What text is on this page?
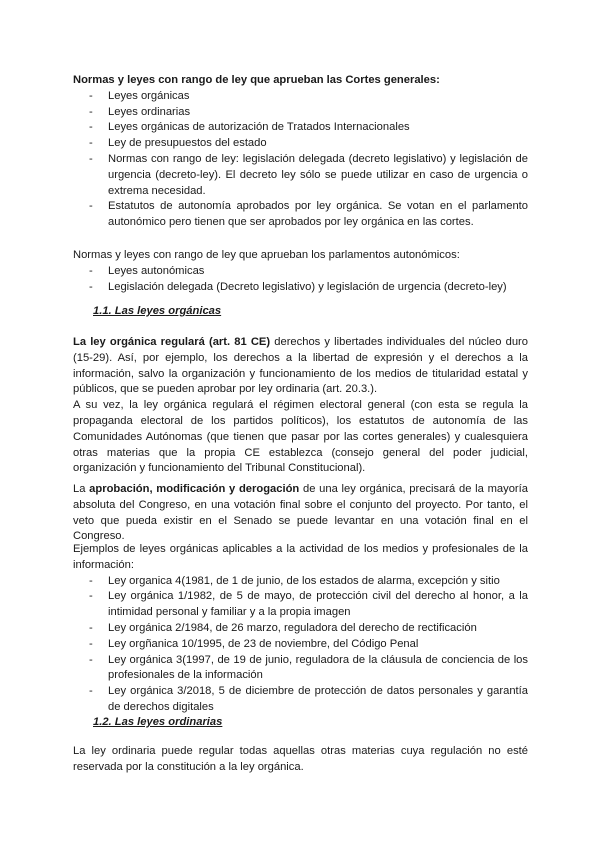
Normas y leyes con rango de ley que aprueban las Cortes generales:

- Leyes orgánicas
- Leyes ordinarias
- Leyes orgánicas de autorización de Tratados Internacionales
- Ley de presupuestos del estado
- Normas con rango de ley: legislación delegada (decreto legislativo) y legislación de urgencia (decreto-ley). El decreto ley sólo se puede utilizar en caso de urgencia o extrema necesidad.
- Estatutos de autonomía aprobados por ley orgánica. Se votan en el parlamento autonómico pero tienen que ser aprobados por ley orgánica en las cortes.

Normas y leyes con rango de ley que aprueban los parlamentos autonómicos:

- Leyes autonómicas
- Legislación delegada (Decreto legislativo) y legislación de urgencia (decreto-ley)
1.1. Las leyes orgánicas

La ley orgánica regulará (art. 81 CE) derechos y libertades individuales del núcleo duro (15-29). Así, por ejemplo, los derechos a la libertad de expresión y el derechos a la información, salvo la organización y funcionamiento de los medios de titularidad estatal y públicos, que se pueden aprobar por ley ordinaria (art. 20.3.).

A su vez, la ley orgánica regulará el régimen electoral general (con esta se regula la propaganda electoral de los partidos políticos), los estatutos de autonomía de las Comunidades Autónomas (que tienen que pasar por las cortes generales) y cualesquiera otras materias que la propia CE establezca (consejo general del poder judicial, organización y funcionamiento del Tribunal Constitucional).

La aprobación, modificación y derogación de una ley orgánica, precisará de la mayoría absoluta del Congreso, en una votación final sobre el conjunto del proyecto. Por tanto, el veto que pueda existir en el Senado se puede levantar en una votación final en el Congreso.

Ejemplos de leyes orgánicas aplicables a la actividad de los medios y profesionales de la información:

- Ley organica 4(1981, de 1 de junio, de los estados de alarma, excepción y sitio
- Ley orgánica 1/1982, de 5 de mayo, de protección civil del derecho al honor, a la intimidad personal y familiar y a la propia imagen
- Ley orgánica 2/1984, de 26 marzo, reguladora del derecho de rectificación
- Ley orgñanica 10/1995, de 23 de noviembre, del Código Penal
- Ley orgánica 3(1997, de 19 de junio, reguladora de la cláusula de conciencia de los profesionales de la información
- Ley orgánica 3/2018, 5 de diciembre de protección de datos personales y garantía de derechos digitales
1.2. Las leyes ordinarias

La ley ordinaria puede regular todas aquellas otras materias cuya regulación no esté reservada por la constitución a la ley orgánica.
